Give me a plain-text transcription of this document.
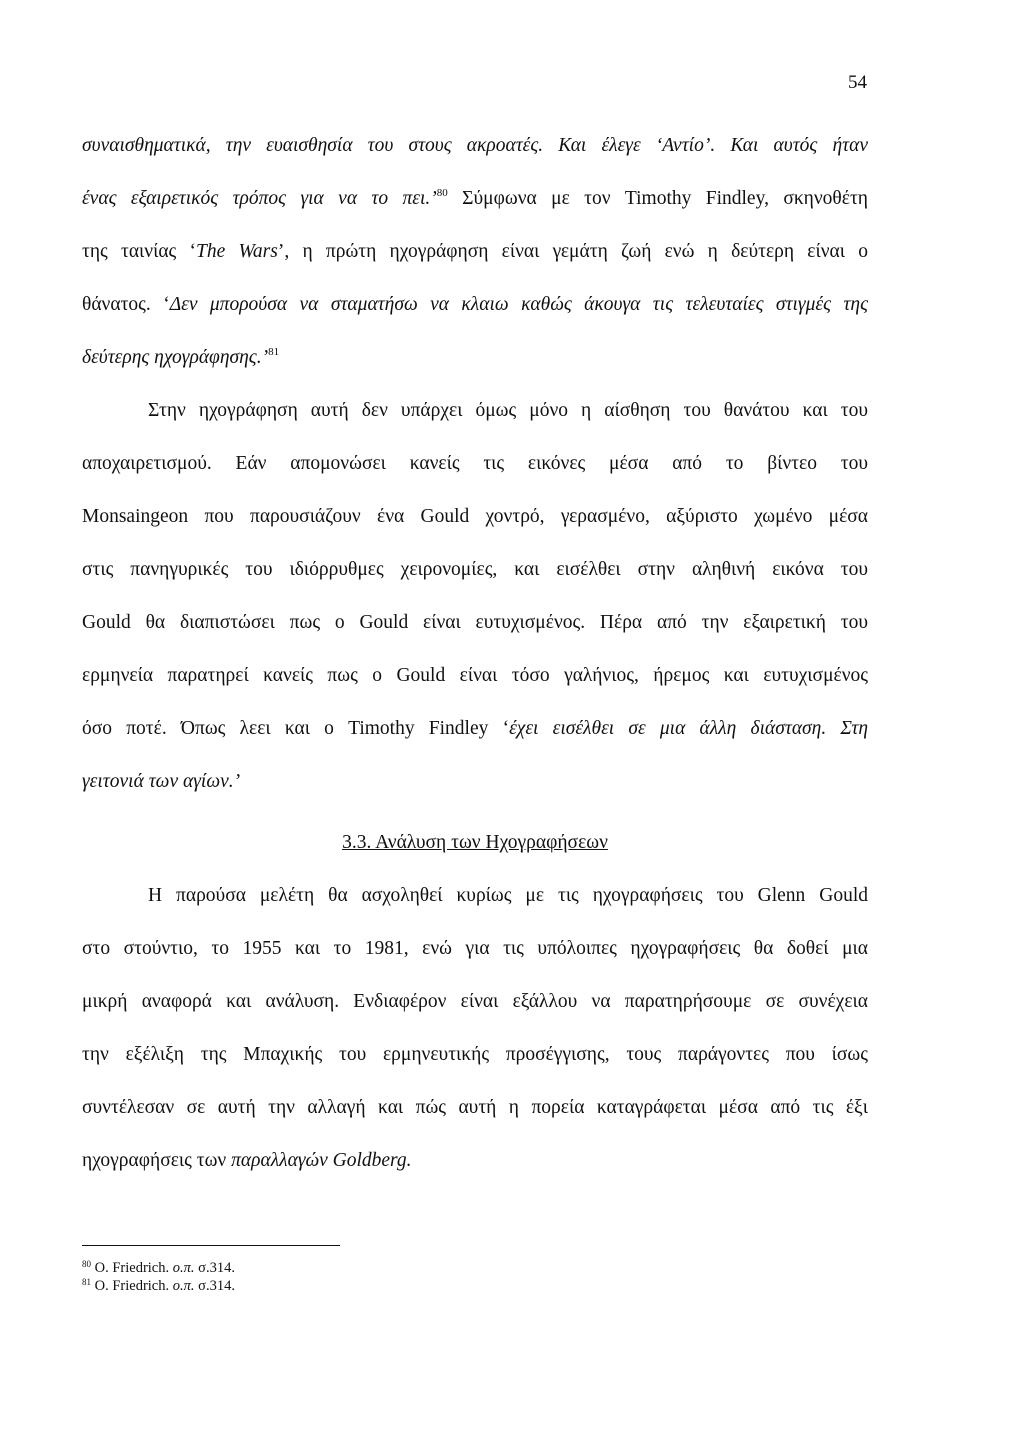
54
συναισθηματικά, την ευαισθησία του στους ακροατές. Και έλεγε ‘Αντίο’. Και αυτός ήταν
ένας εξαιρετικός τρόπος για να το πει.’$^{80}$ Σύμφωνα με τον Timothy Findley, σκηνοθέτη
της ταινίας ‘The Wars’, η πρώτη ηχογράφηση είναι γεμάτη ζωή ενώ η δεύτερη είναι ο
θάνατος. ‘Δεν μπορούσα να σταματήσω να κλαιω καθώς άκουγα τις τελευταίες στιγμές της
δεύτερης ηχογράφησης.’$^{81}$
Στην ηχογράφηση αυτή δεν υπάρχει όμως μόνο η αίσθηση του θανάτου και του
αποχαιρετισμού. Εάν απομονώσει κανείς τις εικόνες μέσα από το βίντεο του
Monsaingeon που παρουσιάζουν ένα Gould χοντρό, γερασμένο, αξύριστο χωμένο μέσα
στις πανηγυρικές του ιδιόρρυθμες χειρονομίες, και εισέλθει στην αληθινή εικόνα του
Gould θα διαπιστώσει πως ο Gould είναι ευτυχισμένος. Πέρα από την εξαιρετική του
ερμηνεία παρατηρεί κανείς πως ο Gould είναι τόσο γαλήνιος, ήρεμος και ευτυχισμένος
όσο ποτέ. Όπως λεει και ο Timothy Findley ‘έχει εισέλθει σε μια άλλη διάσταση. Στη
γειτονιά των αγίων.’
3.3. Ανάλυση των Ηχογραφήσεων
Η παρούσα μελέτη θα ασχοληθεί κυρίως με τις ηχογραφήσεις του Glenn Gould
στο στούντιο, το 1955 και το 1981, ενώ για τις υπόλοιπες ηχογραφήσεις θα δοθεί μια
μικρή αναφορά και ανάλυση. Ενδιαφέρον είναι εξάλλου να παρατηρήσουμε σε συνέχεια
την εξέλιξη της Μπαχικής του ερμηνευτικής προσέγγισης, τους παράγοντες που ίσως
συντέλεσαν σε αυτή την αλλαγή και πώς αυτή η πορεία καταγράφεται μέσα από τις έξι
ηχογραφήσεις των παραλλαγών Goldberg.
$^{80}$ O. Friedrich. ο.π. σ.314.
$^{81}$ O. Friedrich. ο.π. σ.314.
